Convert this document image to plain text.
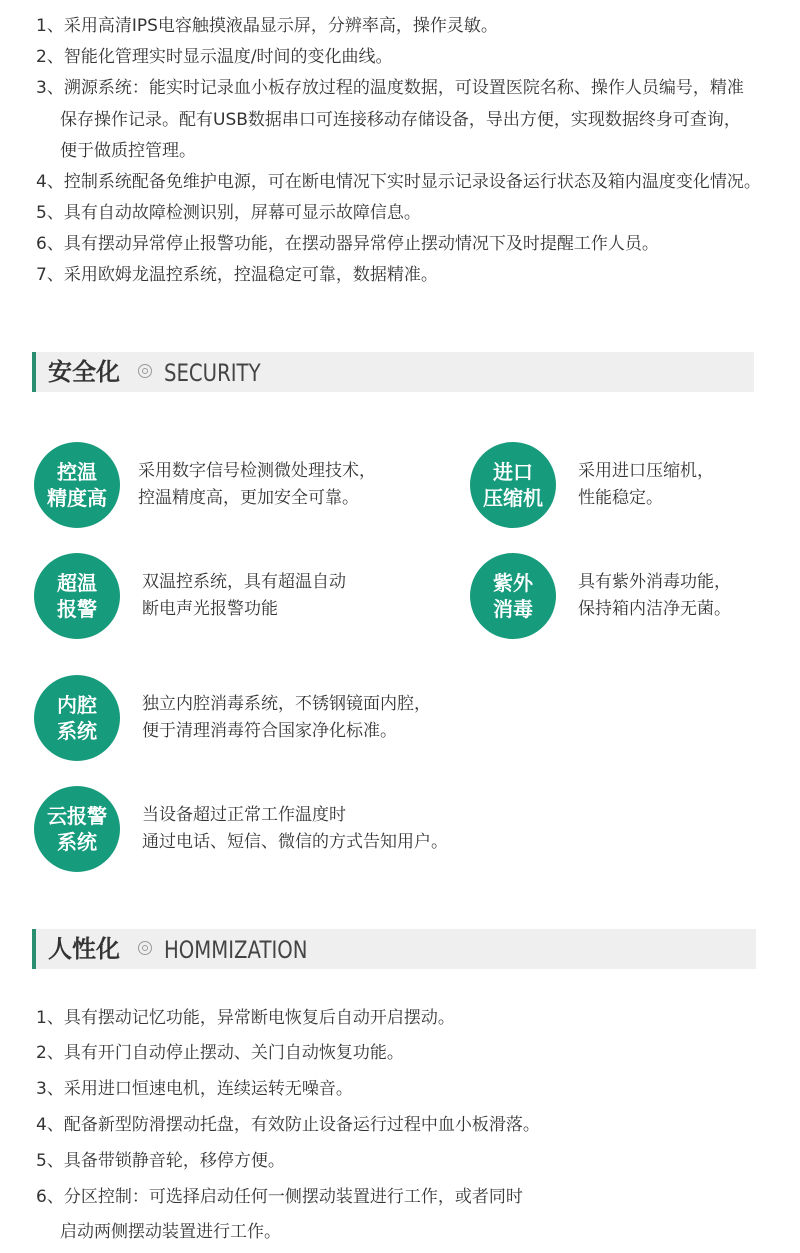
1、采用高清IPS电容触摸液晶显示屏，分辨率高，操作灵敏。
2、智能化管理实时显示温度/时间的变化曲线。
3、溯源系统：能实时记录血小板存放过程的温度数据，可设置医院名称、操作人员编号，精准
保存操作记录。配有USB数据串口可连接移动存储设备，导出方便，实现数据终身可查询，
便于做质控管理。
4、控制系统配备免维护电源，可在断电情况下实时显示记录设备运行状态及箱内温度变化情况。
5、具有自动故障检测识别，屏幕可显示故障信息。
6、具有摆动异常停止报警功能，在摆动器异常停止摆动情况下及时提醒工作人员。
7、采用欧姆龙温控系统，控温稳定可靠，数据精准。
安全化 SECURITY
控温
精度高
采用数字信号检测微处理技术，
控温精度高，更加安全可靠。
进口
压缩机
采用进口压缩机，
性能稳定。
超温
报警
双温控系统，具有超温自动
断电声光报警功能
紫外
消毒
具有紫外消毒功能，
保持箱内洁净无菌。
内腔
系统
独立内腔消毒系统，不锈钢镜面内腔，
便于清理消毒符合国家净化标准。
云报警
系统
当设备超过正常工作温度时
通过电话、短信、微信的方式告知用户。
人性化 HOMMIZATION
1、具有摆动记忆功能，异常断电恢复后自动开启摆动。
2、具有开门自动停止摆动、关门自动恢复功能。
3、采用进口恒速电机，连续运转无噪音。
4、配备新型防滑摆动托盘，有效防止设备运行过程中血小板滑落。
5、具备带锁静音轮，移停方便。
6、分区控制：可选择启动任何一侧摆动装置进行工作，或者同时
启动两侧摆动装置进行工作。
